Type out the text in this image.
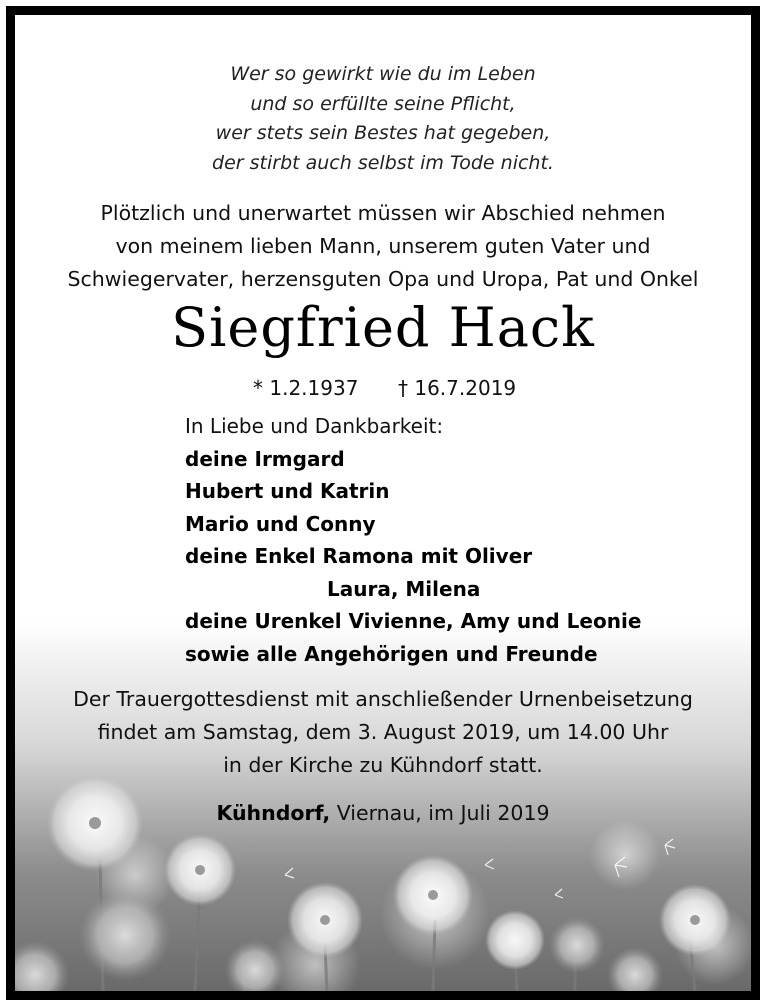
Wer so gewirkt wie du im Leben
und so erfüllte seine Pflicht,
wer stets sein Bestes hat gegeben,
der stirbt auch selbst im Tode nicht.
Plötzlich und unerwartet müssen wir Abschied nehmen
von meinem lieben Mann, unserem guten Vater und
Schwiegervater, herzensguten Opa und Uropa, Pat und Onkel
Siegfried Hack
* 1.2.1937 † 16.7.2019
In Liebe und Dankbarkeit:
deine Irmgard
Hubert und Katrin
Mario und Conny
deine Enkel Ramona mit Oliver
Laura, Milena
deine Urenkel Vivienne, Amy und Leonie
sowie alle Angehörigen und Freunde
Der Trauergottesdienst mit anschließender Urnenbeisetzung
findet am Samstag, dem 3. August 2019, um 14.00 Uhr
in der Kirche zu Kühndorf statt.
Kühndorf, Viernau, im Juli 2019
